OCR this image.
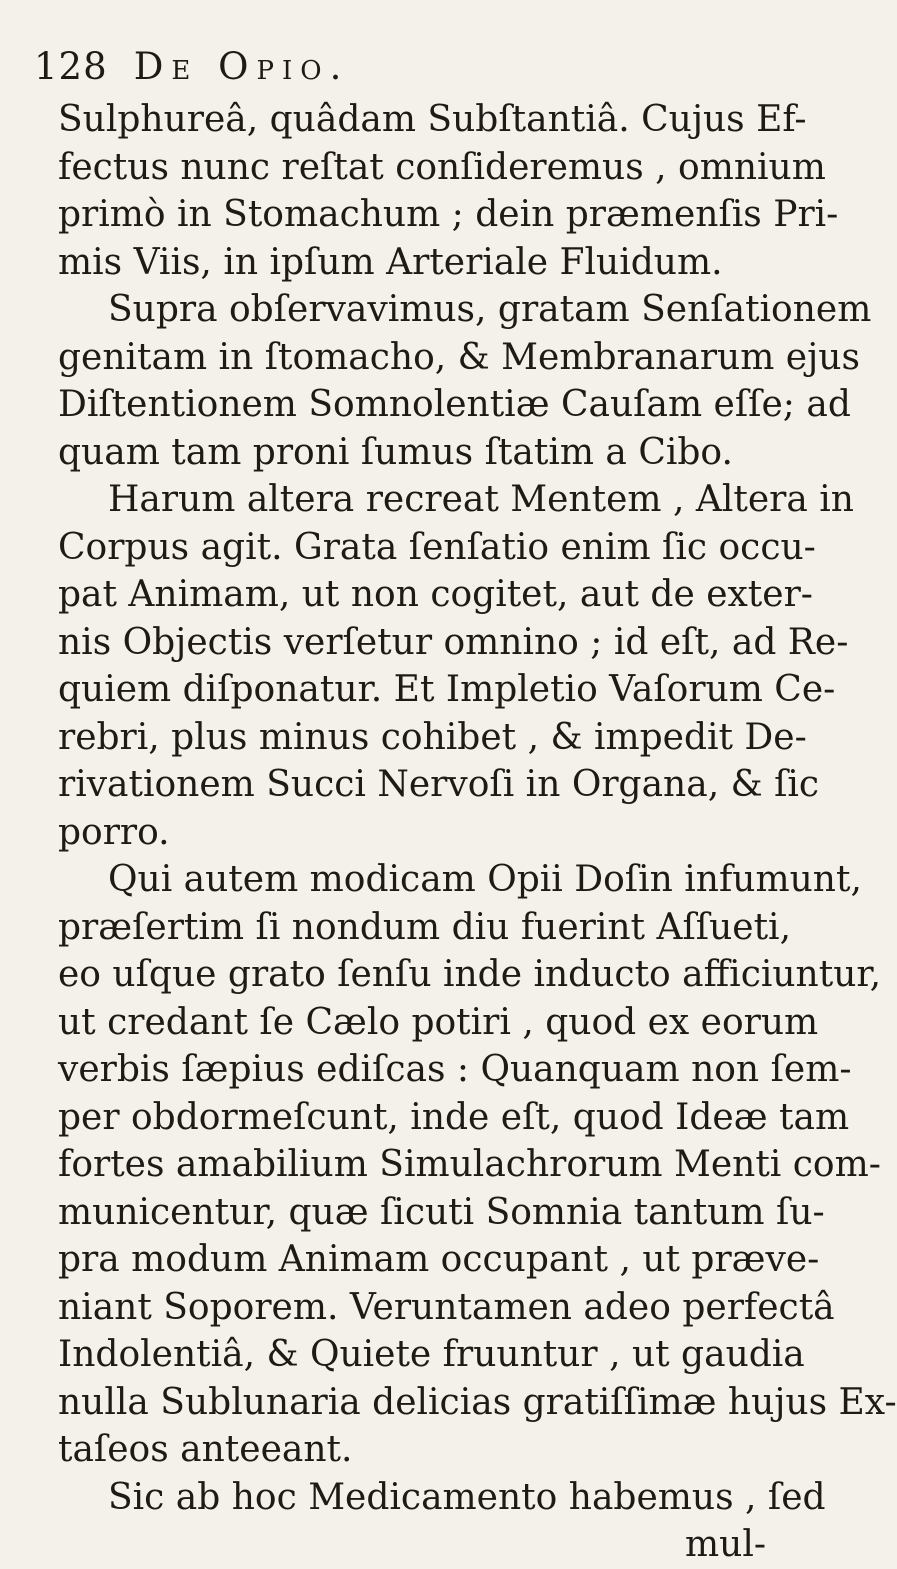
128 De Opio.
Sulphureâ, quâdam Subſtantiâ. Cujus Ef-
fectus nunc reſtat conſideremus , omnium
primò in Stomachum ; dein præmenſis Pri-
mis Viis, in ipſum Arteriale Fluidum.
Supra obſervavimus, gratam Senſationem
genitam in ſtomacho, & Membranarum ejus
Diſtentionem Somnolentiæ Cauſam eſſe; ad
quam tam proni ſumus ſtatim a Cibo.
Harum altera recreat Mentem , Altera in
Corpus agit. Grata ſenſatio enim ſic occu-
pat Animam, ut non cogitet, aut de exter-
nis Objectis verſetur omnino ; id eſt, ad Re-
quiem diſponatur. Et Impletio Vaſorum Ce-
rebri, plus minus cohibet , & impedit De-
rivationem Succi Nervoſi in Organa, & ſic
porro.
Qui autem modicam Opii Doſin infumunt,
præſertim ſi nondum diu fuerint Aſſueti,
eo uſque grato ſenſu inde inducto afficiuntur,
ut credant ſe Cælo potiri , quod ex eorum
verbis ſæpius ediſcas : Quanquam non ſem-
per obdormeſcunt, inde eſt, quod Ideæ tam
fortes amabilium Simulachrorum Menti com-
municentur, quæ ſicuti Somnia tantum ſu-
pra modum Animam occupant , ut præve-
niant Soporem. Veruntamen adeo perfectâ
Indolentiâ, & Quiete fruuntur , ut gaudia
nulla Sublunaria delicias gratiſſimæ hujus Ex-
taſeos anteeant.
Sic ab hoc Medicamento habemus , ſed
mul-
